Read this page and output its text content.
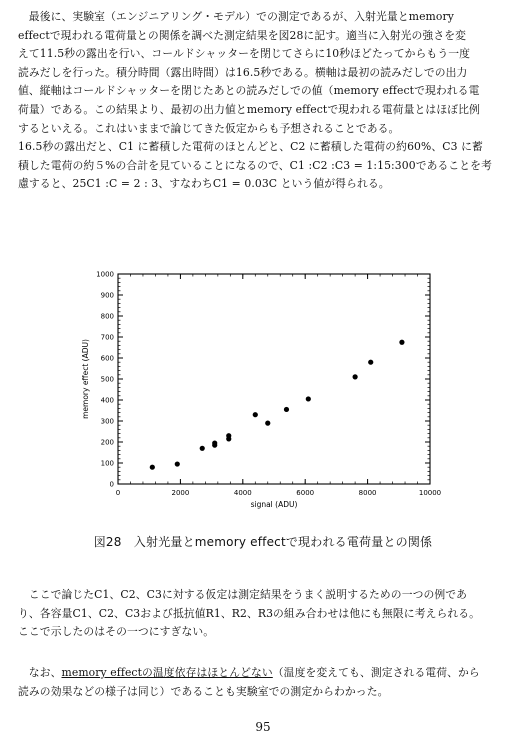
最後に、実験室（エンジニアリング・モデル）での測定であるが、入射光量とmemory
effectで現われる電荷量との関係を調べた測定結果を図28に記す。適当に入射光の強さを変
えて11.5秒の露出を行い、コールドシャッターを閉じてさらに10秒ほどたってからもう一度
読みだしを行った。積分時間（露出時間）は16.5秒である。横軸は最初の読みだしでの出力
値、縦軸はコールドシャッターを閉じたあとの読みだしでの値（memory effectで現われる電
荷量）である。この結果より、最初の出力値とmemory effectで現われる電荷量とはほぼ比例
するといえる。これはいままで論じてきた仮定からも予想されることである。
16.5秒の露出だと、C1 に蓄積した電荷のほとんどと、C2 に蓄積した電荷の約60%、C3 に蓄
積した電荷の約５%の合計を見ていることになるので、C1 :C2 :C3 = 1:15:300であることを考
慮すると、25C1 :C = 2 : 3、すなわちC1 = 0.03C という値が得られる。
0	2000	4000	6000	8000	10000
0
100
200
300
400
500
600
700
800
900
1000
signal (ADU)
memory effect (ADU)
図28　入射光量とmemory effectで現われる電荷量との関係
ここで論じたC1、C2、C3に対する仮定は測定結果をうまく説明するための一つの例であ
り、各容量C1、C2、C3および抵抗値R1、R2、R3の組み合わせは他にも無限に考えられる。
ここで示したのはその一つにすぎない。
なお、memory effectの温度依存はほとんどない（温度を変えても、測定される電荷、から
読みの効果などの様子は同じ）であることも実験室での測定からわかった。
95
